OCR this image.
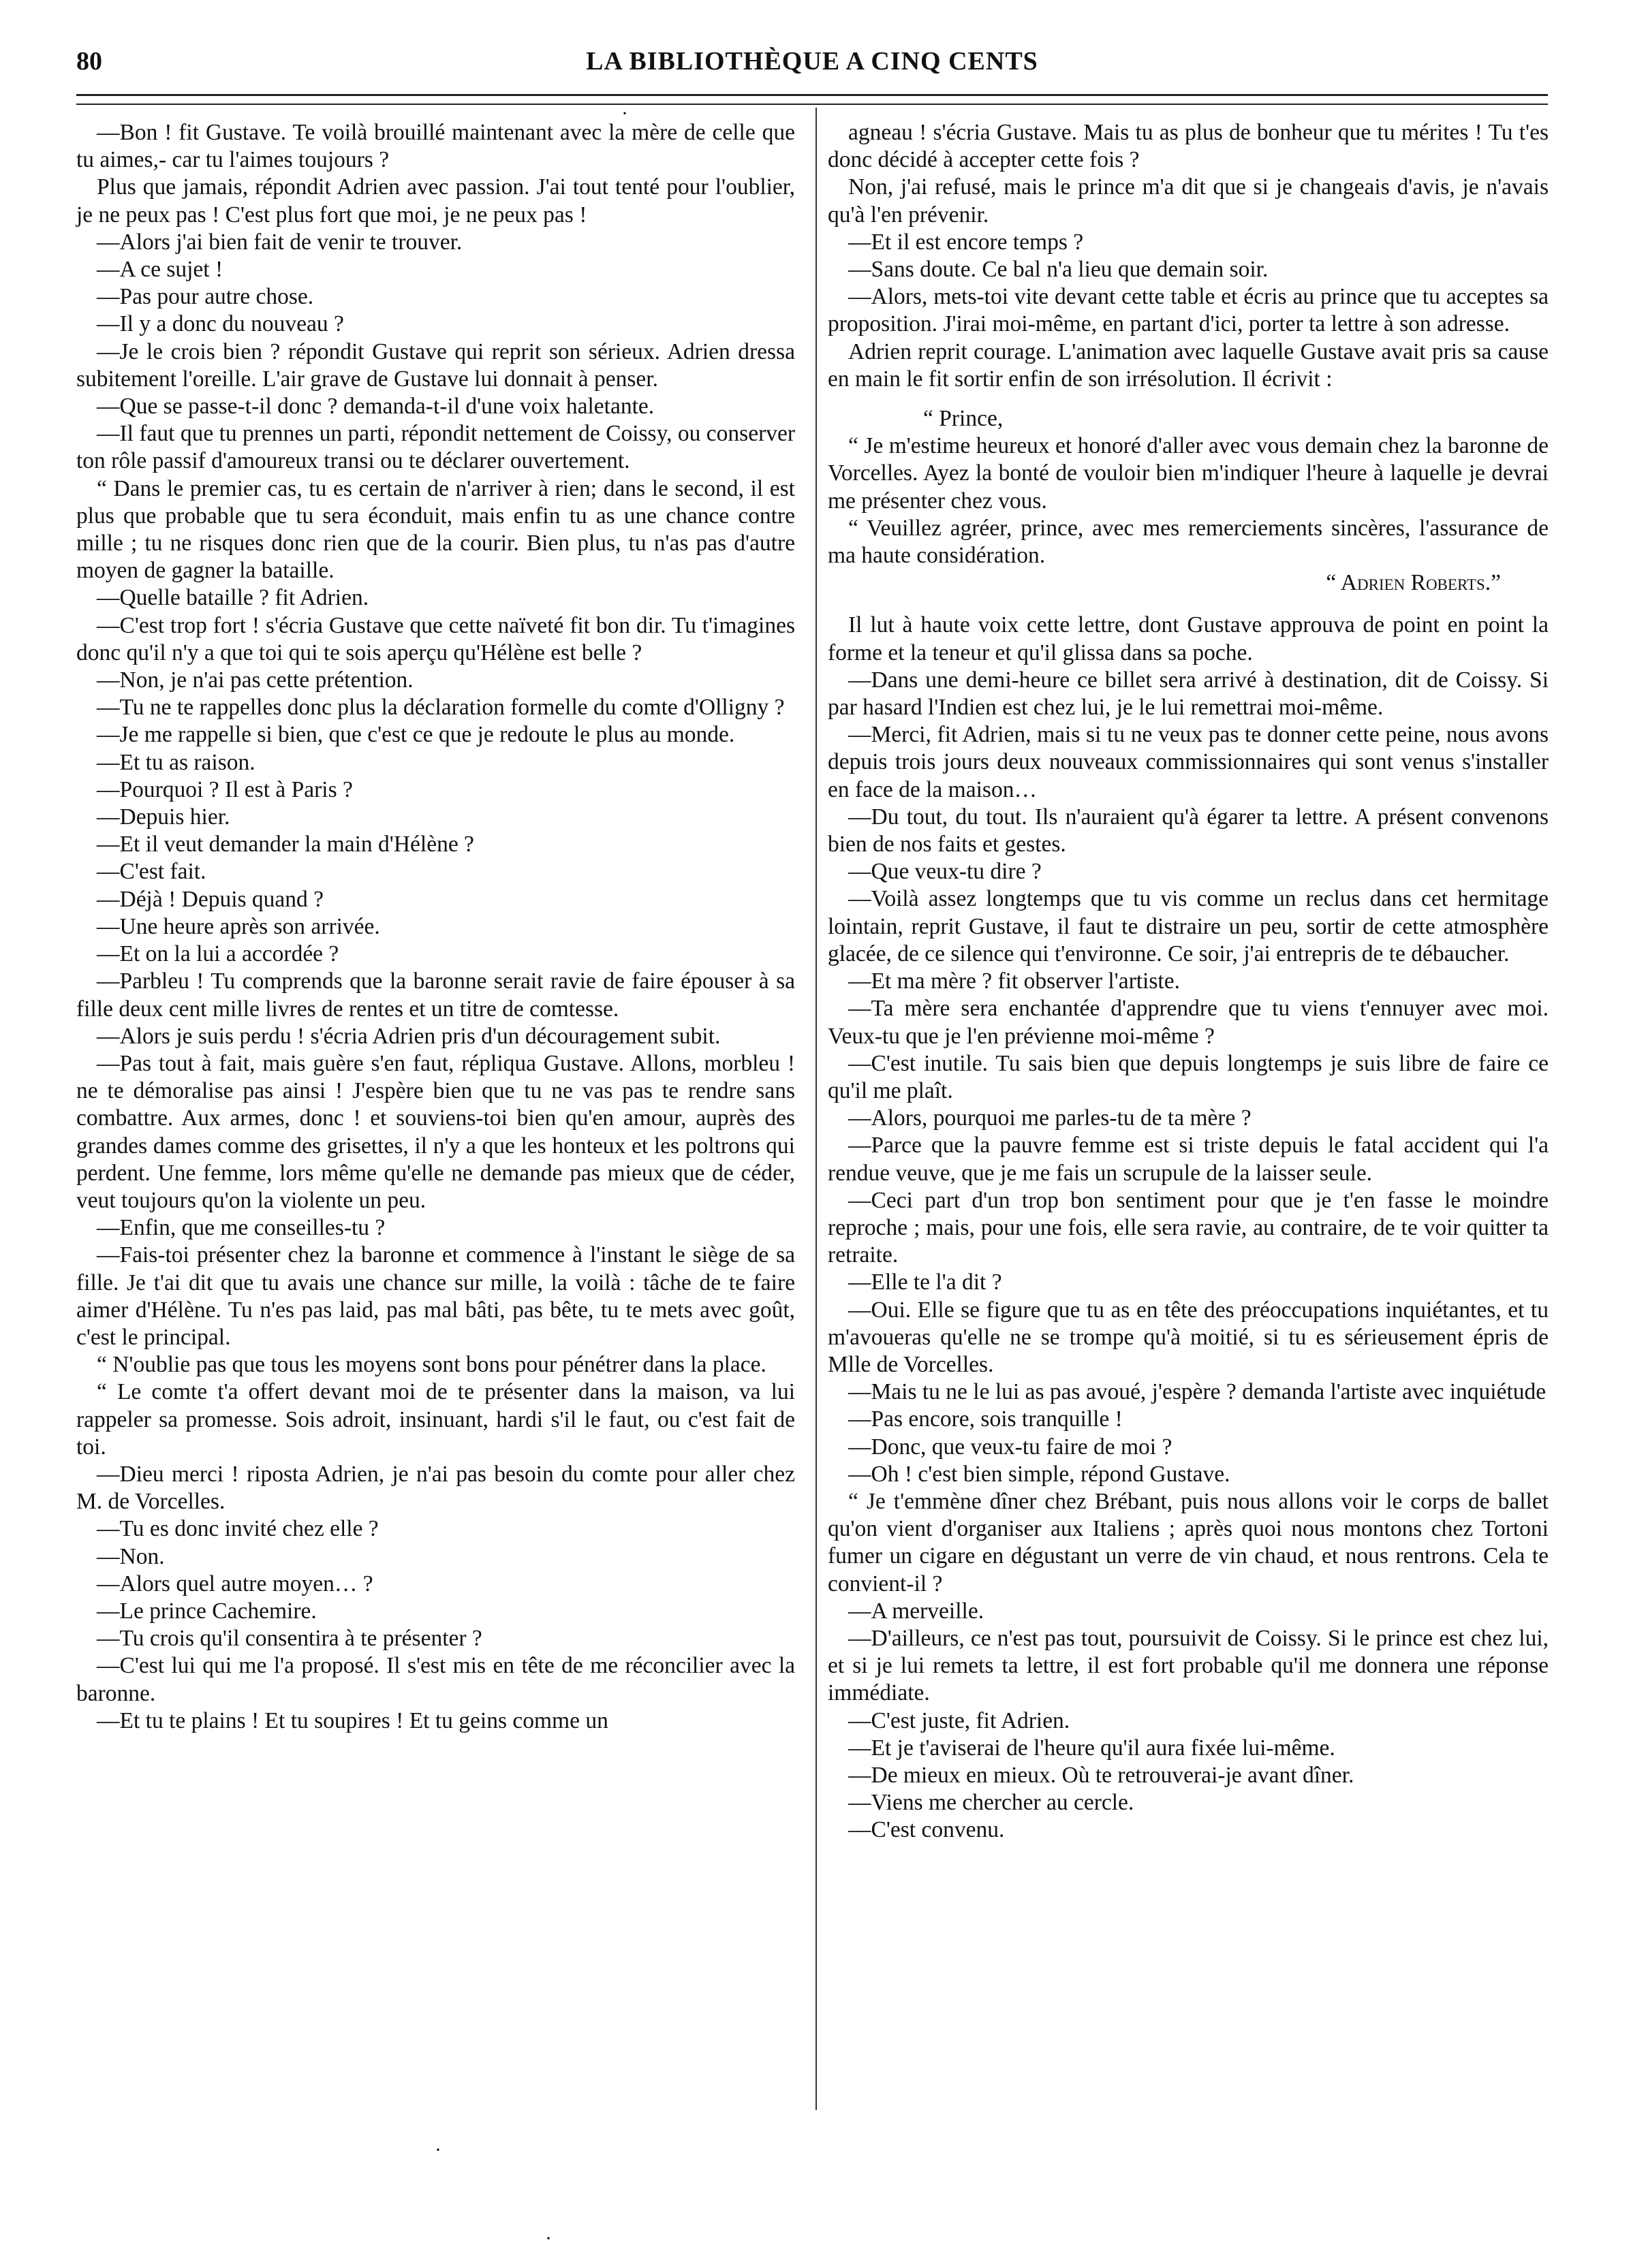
80	LA BIBLIOTHÈQUE A CINQ CENTS

—Bon ! fit Gustave. Te voilà brouillé maintenant avec la mère de celle que tu aimes,- car tu l'aimes toujours ?

Plus que jamais, répondit Adrien avec passion. J'ai tout tenté pour l'oublier, je ne peux pas ! C'est plus fort que moi, je ne peux pas !

—Alors j'ai bien fait de venir te trouver.

—A ce sujet !

—Pas pour autre chose.

—Il y a donc du nouveau ?

—Je le crois bien ? répondit Gustave qui reprit son sérieux. Adrien dressa subitement l'oreille. L'air grave de Gustave lui donnait à penser.

—Que se passe-t-il donc ? demanda-t-il d'une voix haletante.

—Il faut que tu prennes un parti, répondit nettement de Coissy, ou conserver ton rôle passif d'amoureux transi ou te déclarer ouvertement.

“ Dans le premier cas, tu es certain de n'arriver à rien; dans le second, il est plus que probable que tu sera éconduit, mais enfin tu as une chance contre mille ; tu ne risques donc rien que de la courir. Bien plus, tu n'as pas d'autre moyen de gagner la bataille.

—Quelle bataille ? fit Adrien.

—C'est trop fort ! s'écria Gustave que cette naïveté fit bon dir. Tu t'imagines donc qu'il n'y a que toi qui te sois aperçu qu'Hélène est belle ?

—Non, je n'ai pas cette prétention.

—Tu ne te rappelles donc plus la déclaration formelle du comte d'Olligny ?

—Je me rappelle si bien, que c'est ce que je redoute le plus au monde.

—Et tu as raison.

—Pourquoi ? Il est à Paris ?

—Depuis hier.

—Et il veut demander la main d'Hélène ?

—C'est fait.

—Déjà ! Depuis quand ?

—Une heure après son arrivée.

—Et on la lui a accordée ?

—Parbleu ! Tu comprends que la baronne serait ravie de faire épouser à sa fille deux cent mille livres de rentes et un titre de comtesse.

—Alors je suis perdu ! s'écria Adrien pris d'un découragement subit.

—Pas tout à fait, mais guère s'en faut, répliqua Gustave. Allons, morbleu ! ne te démoralise pas ainsi ! J'espère bien que tu ne vas pas te rendre sans combattre. Aux armes, donc ! et souviens-toi bien qu'en amour, auprès des grandes dames comme des grisettes, il n'y a que les honteux et les poltrons qui perdent. Une femme, lors même qu'elle ne demande pas mieux que de céder, veut toujours qu'on la violente un peu.

—Enfin, que me conseilles-tu ?

—Fais-toi présenter chez la baronne et commence à l'instant le siège de sa fille. Je t'ai dit que tu avais une chance sur mille, la voilà : tâche de te faire aimer d'Hélène. Tu n'es pas laid, pas mal bâti, pas bête, tu te mets avec goût, c'est le principal.

“ N'oublie pas que tous les moyens sont bons pour pénétrer dans la place.

“ Le comte t'a offert devant moi de te présenter dans la maison, va lui rappeler sa promesse. Sois adroit, insinuant, hardi s'il le faut, ou c'est fait de toi.

—Dieu merci ! riposta Adrien, je n'ai pas besoin du comte pour aller chez M. de Vorcelles.

—Tu es donc invité chez elle ?

—Non.

—Alors quel autre moyen… ?

—Le prince Cachemire.

—Tu crois qu'il consentira à te présenter ?

—C'est lui qui me l'a proposé. Il s'est mis en tête de me réconcilier avec la baronne.

—Et tu te plains ! Et tu soupires ! Et tu geins comme un

agneau ! s'écria Gustave. Mais tu as plus de bonheur que tu mérites ! Tu t'es donc décidé à accepter cette fois ?

Non, j'ai refusé, mais le prince m'a dit que si je changeais d'avis, je n'avais qu'à l'en prévenir.

—Et il est encore temps ?

—Sans doute. Ce bal n'a lieu que demain soir.

—Alors, mets-toi vite devant cette table et écris au prince que tu acceptes sa proposition. J'irai moi-même, en partant d'ici, porter ta lettre à son adresse.

Adrien reprit courage. L'animation avec laquelle Gustave avait pris sa cause en main le fit sortir enfin de son irrésolution. Il écrivit :

“ Prince,

“ Je m'estime heureux et honoré d'aller avec vous demain chez la baronne de Vorcelles. Ayez la bonté de vouloir bien m'indiquer l'heure à laquelle je devrai me présenter chez vous.

“ Veuillez agréer, prince, avec mes remerciements sincères, l'assurance de ma haute considération.

“ Adrien Roberts.”

Il lut à haute voix cette lettre, dont Gustave approuva de point en point la forme et la teneur et qu'il glissa dans sa poche.

—Dans une demi-heure ce billet sera arrivé à destination, dit de Coissy. Si par hasard l'Indien est chez lui, je le lui remettrai moi-même.

—Merci, fit Adrien, mais si tu ne veux pas te donner cette peine, nous avons depuis trois jours deux nouveaux commissionnaires qui sont venus s'installer en face de la maison…

—Du tout, du tout. Ils n'auraient qu'à égarer ta lettre. A présent convenons bien de nos faits et gestes.

—Que veux-tu dire ?

—Voilà assez longtemps que tu vis comme un reclus dans cet hermitage lointain, reprit Gustave, il faut te distraire un peu, sortir de cette atmosphère glacée, de ce silence qui t'environne. Ce soir, j'ai entrepris de te débaucher.

—Et ma mère ? fit observer l'artiste.

—Ta mère sera enchantée d'apprendre que tu viens t'ennuyer avec moi. Veux-tu que je l'en prévienne moi-même ?

—C'est inutile. Tu sais bien que depuis longtemps je suis libre de faire ce qu'il me plaît.

—Alors, pourquoi me parles-tu de ta mère ?

—Parce que la pauvre femme est si triste depuis le fatal accident qui l'a rendue veuve, que je me fais un scrupule de la laisser seule.

—Ceci part d'un trop bon sentiment pour que je t'en fasse le moindre reproche ; mais, pour une fois, elle sera ravie, au contraire, de te voir quitter ta retraite.

—Elle te l'a dit ?

—Oui. Elle se figure que tu as en tête des préoccupations inquiétantes, et tu m'avoueras qu'elle ne se trompe qu'à moitié, si tu es sérieusement épris de Mlle de Vorcelles.

—Mais tu ne le lui as pas avoué, j'espère ? demanda l'artiste avec inquiétude

—Pas encore, sois tranquille !

—Donc, que veux-tu faire de moi ?

—Oh ! c'est bien simple, répond Gustave.

“ Je t'emmène dîner chez Brébant, puis nous allons voir le corps de ballet qu'on vient d'organiser aux Italiens ; après quoi nous montons chez Tortoni fumer un cigare en dégustant un verre de vin chaud, et nous rentrons. Cela te convient-il ?

—A merveille.

—D'ailleurs, ce n'est pas tout, poursuivit de Coissy. Si le prince est chez lui, et si je lui remets ta lettre, il est fort probable qu'il me donnera une réponse immédiate.

—C'est juste, fit Adrien.

—Et je t'aviserai de l'heure qu'il aura fixée lui-même.

—De mieux en mieux. Où te retrouverai-je avant dîner.

—Viens me chercher au cercle.

—C'est convenu.

·
·
·
